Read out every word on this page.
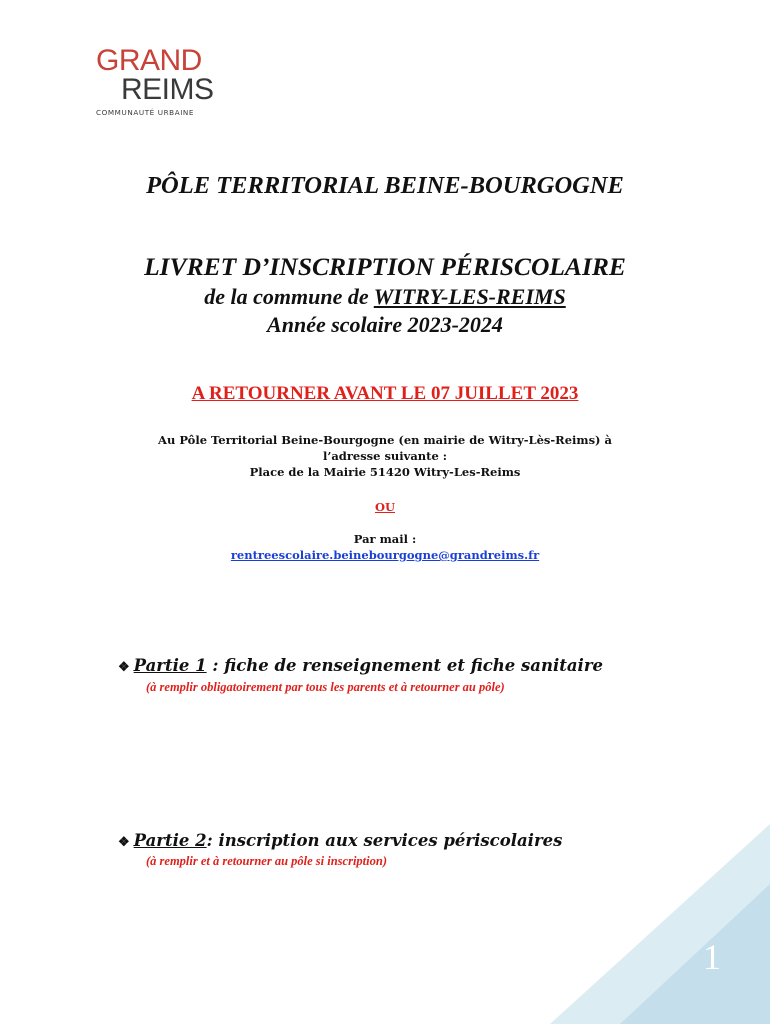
GRAND
REIMS
COMMUNAUTÉ URBAINE
PÔLE TERRITORIAL BEINE-BOURGOGNE
LIVRET D’INSCRIPTION PÉRISCOLAIRE
de la commune de WITRY-LES-REIMS
Année scolaire 2023-2024
A RETOURNER AVANT LE 07 JUILLET 2023
Au Pôle Territorial Beine-Bourgogne (en mairie de Witry-Lès-Reims) à
l’adresse suivante :
Place de la Mairie 51420 Witry-Les-Reims
OU
Par mail :
rentreescolaire.beinebourgogne@grandreims.fr
❖ Partie 1 : fiche de renseignement et fiche sanitaire
(à remplir obligatoirement par tous les parents et à retourner au pôle)
❖ Partie 2: inscription aux services périscolaires
(à remplir et à retourner au pôle si inscription)
1
